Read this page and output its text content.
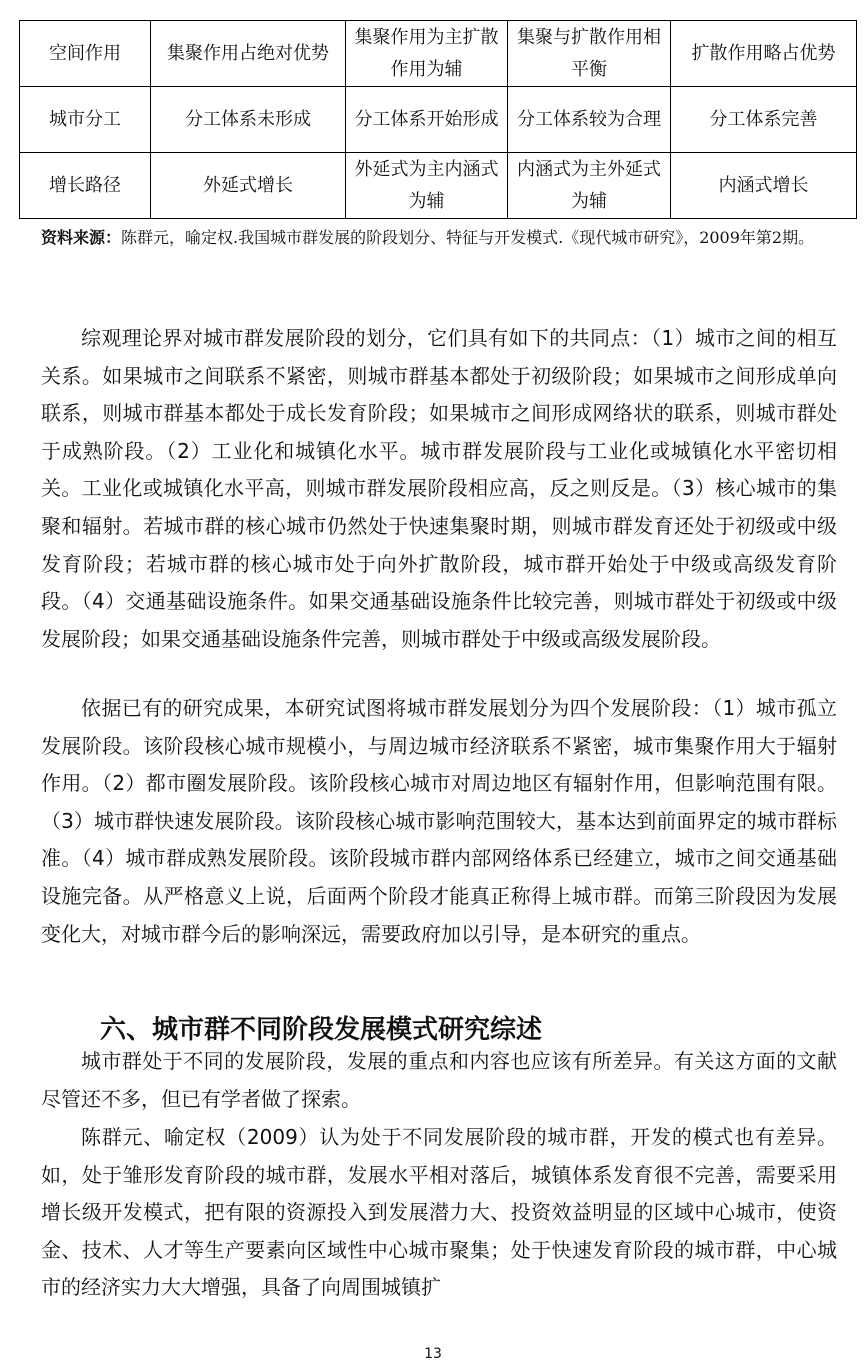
空间作用	集聚作用占绝对优势	集聚作用为主扩散作用为辅	集聚与扩散作用相平衡	扩散作用略占优势
城市分工	分工体系未形成	分工体系开始形成	分工体系较为合理	分工体系完善
增长路径	外延式增长	外延式为主内涵式为辅	内涵式为主外延式为辅	内涵式增长
资料来源：陈群元，喻定权.我国城市群发展的阶段划分、特征与开发模式.《现代城市研究》，2009年第2期。

综观理论界对城市群发展阶段的划分，它们具有如下的共同点：（1）城市之间的相互关系。如果城市之间联系不紧密，则城市群基本都处于初级阶段；如果城市之间形成单向联系，则城市群基本都处于成长发育阶段；如果城市之间形成网络状的联系，则城市群处于成熟阶段。（2）工业化和城镇化水平。城市群发展阶段与工业化或城镇化水平密切相关。工业化或城镇化水平高，则城市群发展阶段相应高，反之则反是。（3）核心城市的集聚和辐射。若城市群的核心城市仍然处于快速集聚时期，则城市群发育还处于初级或中级发育阶段；若城市群的核心城市处于向外扩散阶段，城市群开始处于中级或高级发育阶段。（4）交通基础设施条件。如果交通基础设施条件比较完善，则城市群处于初级或中级发展阶段；如果交通基础设施条件完善，则城市群处于中级或高级发展阶段。

依据已有的研究成果，本研究试图将城市群发展划分为四个发展阶段：（1）城市孤立发展阶段。该阶段核心城市规模小，与周边城市经济联系不紧密，城市集聚作用大于辐射作用。（2）都市圈发展阶段。该阶段核心城市对周边地区有辐射作用，但影响范围有限。（3）城市群快速发展阶段。该阶段核心城市影响范围较大，基本达到前面界定的城市群标准。（4）城市群成熟发展阶段。该阶段城市群内部网络体系已经建立，城市之间交通基础设施完备。从严格意义上说，后面两个阶段才能真正称得上城市群。而第三阶段因为发展变化大，对城市群今后的影响深远，需要政府加以引导，是本研究的重点。

六、城市群不同阶段发展模式研究综述

城市群处于不同的发展阶段，发展的重点和内容也应该有所差异。有关这方面的文献尽管还不多，但已有学者做了探索。

陈群元、喻定权（2009）认为处于不同发展阶段的城市群，开发的模式也有差异。如，处于雏形发育阶段的城市群，发展水平相对落后，城镇体系发育很不完善，需要采用增长级开发模式，把有限的资源投入到发展潜力大、投资效益明显的区域中心城市，使资金、技术、人才等生产要素向区域性中心城市聚集；处于快速发育阶段的城市群，中心城市的经济实力大大增强，具备了向周围城镇扩

13
